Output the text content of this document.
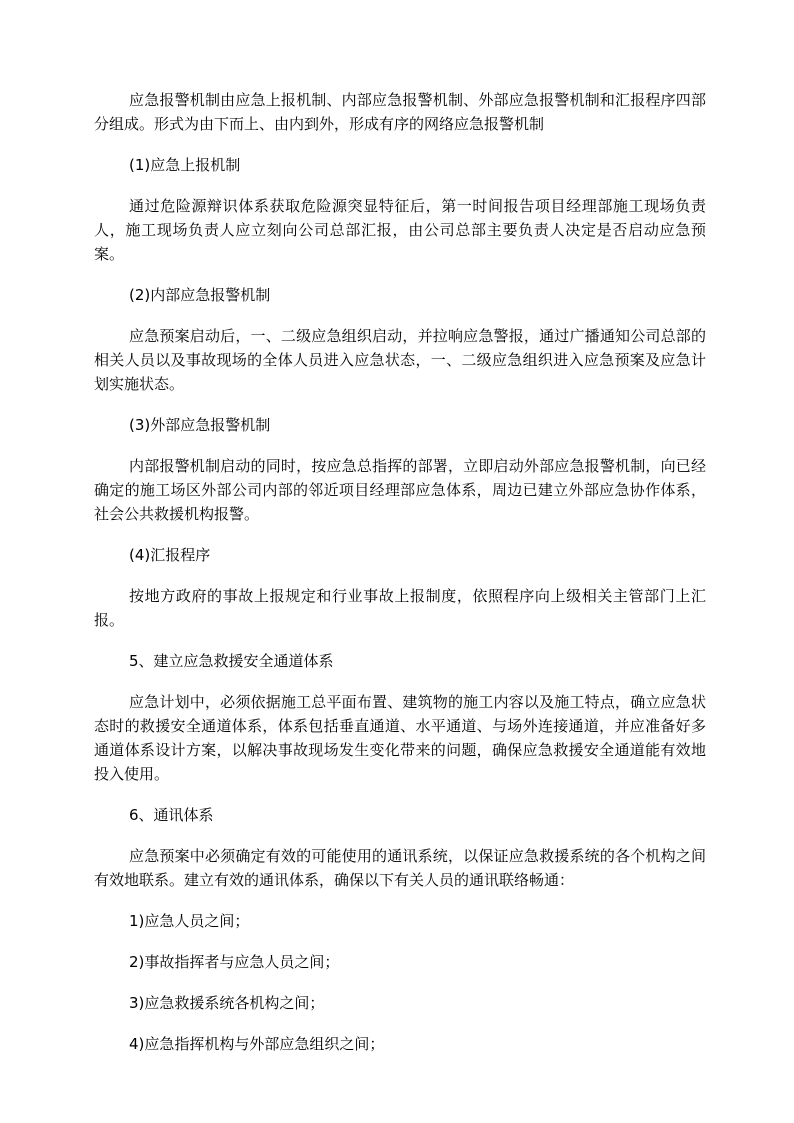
应急报警机制由应急上报机制、内部应急报警机制、外部应急报警机制和汇报程序四部分组成。形式为由下而上、由内到外，形成有序的网络应急报警机制

(1)应急上报机制

通过危险源辩识体系获取危险源突显特征后，第一时间报告项目经理部施工现场负责人，施工现场负责人应立刻向公司总部汇报，由公司总部主要负责人决定是否启动应急预案。

(2)内部应急报警机制

应急预案启动后，一、二级应急组织启动，并拉响应急警报，通过广播通知公司总部的相关人员以及事故现场的全体人员进入应急状态，一、二级应急组织进入应急预案及应急计划实施状态。

(3)外部应急报警机制

内部报警机制启动的同时，按应急总指挥的部署，立即启动外部应急报警机制，向已经确定的施工场区外部公司内部的邻近项目经理部应急体系，周边已建立外部应急协作体系，社会公共救援机构报警。

(4)汇报程序

按地方政府的事故上报规定和行业事故上报制度，依照程序向上级相关主管部门上汇报。

5、建立应急救援安全通道体系

应急计划中，必须依据施工总平面布置、建筑物的施工内容以及施工特点，确立应急状态时的救援安全通道体系，体系包括垂直通道、水平通道、与场外连接通道，并应准备好多通道体系设计方案，以解决事故现场发生变化带来的问题，确保应急救援安全通道能有效地投入使用。

6、通讯体系

应急预案中必须确定有效的可能使用的通讯系统，以保证应急救援系统的各个机构之间有效地联系。建立有效的通讯体系，确保以下有关人员的通讯联络畅通：

1)应急人员之间；

2)事故指挥者与应急人员之间；

3)应急救援系统各机构之间；

4)应急指挥机构与外部应急组织之间；
